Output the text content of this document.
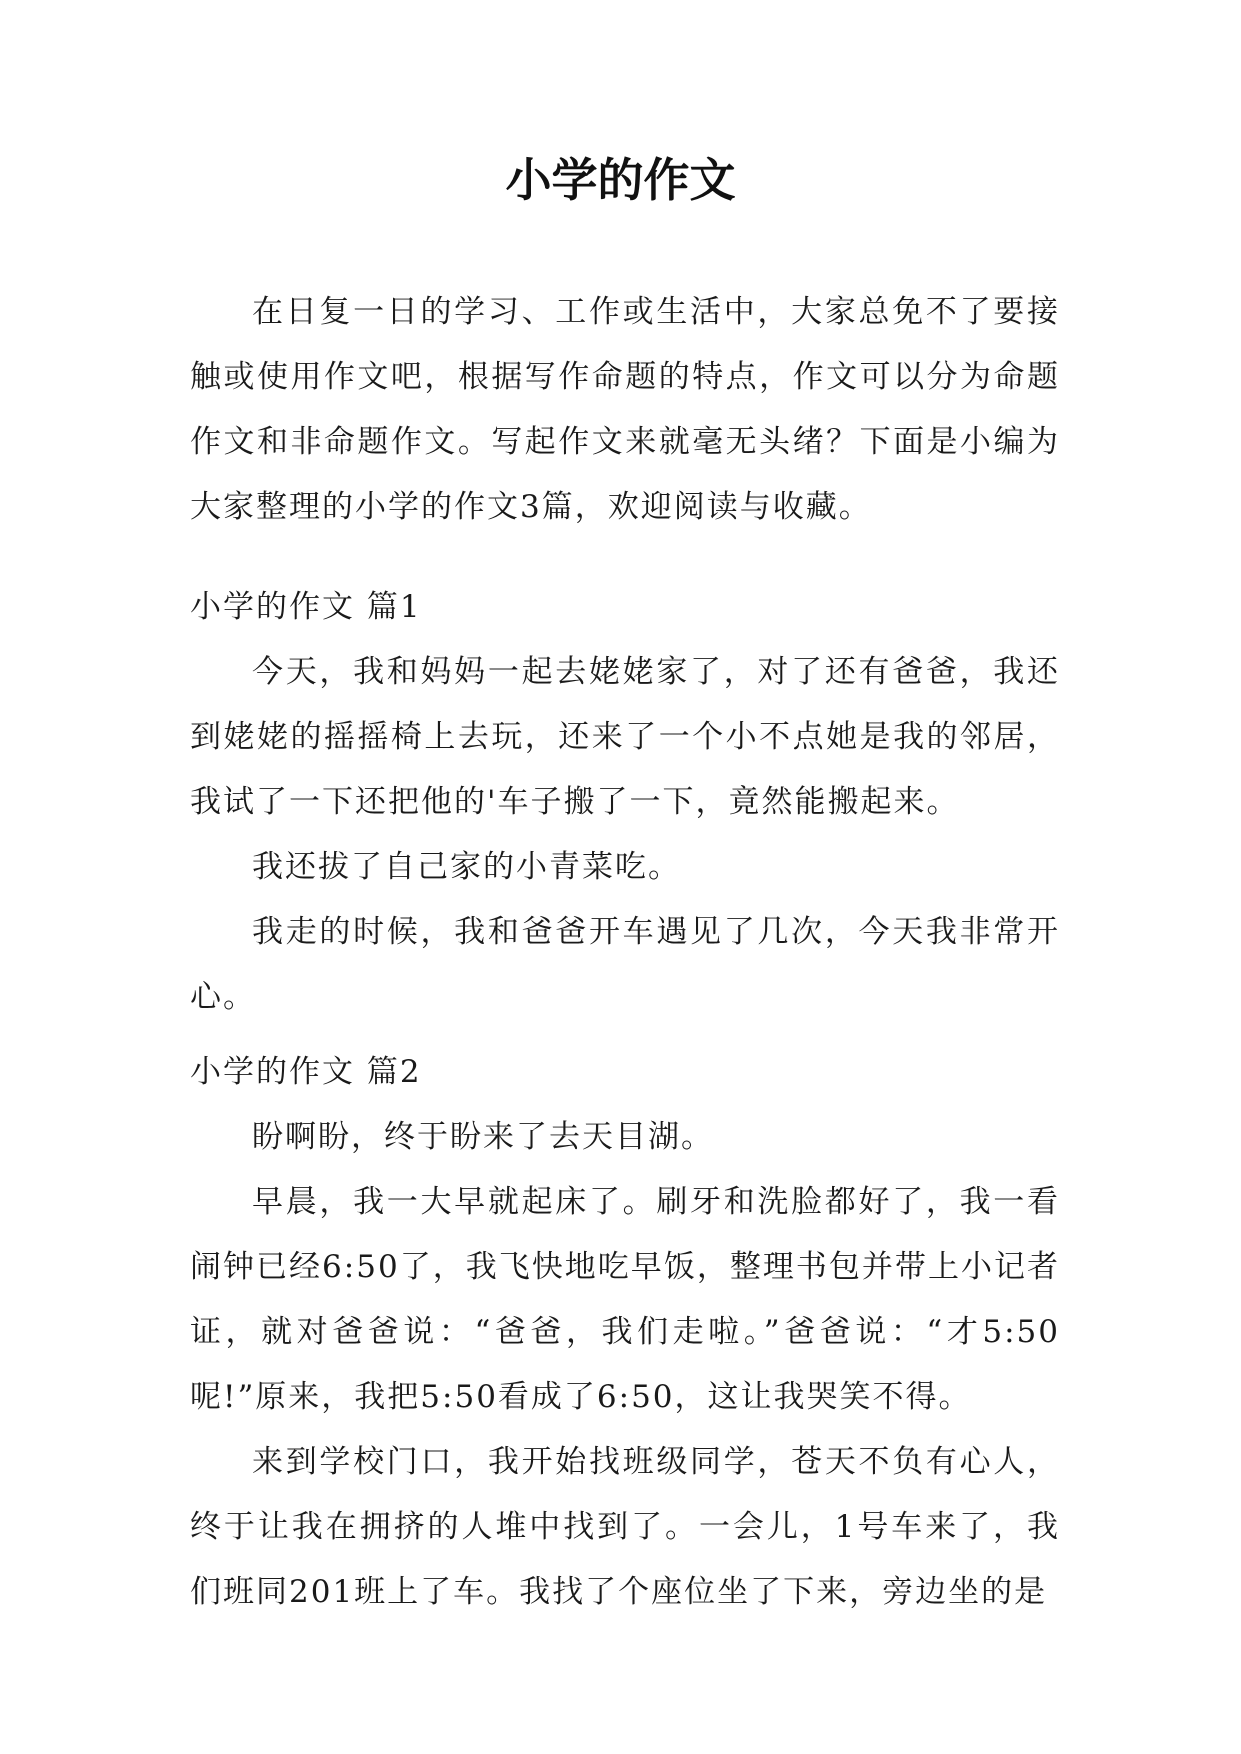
小学的作文

在日复一日的学习、工作或生活中，大家总免不了要接触或使用作文吧，根据写作命题的特点，作文可以分为命题作文和非命题作文。写起作文来就毫无头绪？下面是小编为大家整理的小学的作文3篇，欢迎阅读与收藏。

小学的作文 篇1

今天，我和妈妈一起去姥姥家了，对了还有爸爸，我还到姥姥的摇摇椅上去玩，还来了一个小不点她是我的邻居，我试了一下还把他的'车子搬了一下，竟然能搬起来。

我还拔了自己家的小青菜吃。

我走的时候，我和爸爸开车遇见了几次，今天我非常开心。

小学的作文 篇2

盼啊盼，终于盼来了去天目湖。

早晨，我一大早就起床了。刷牙和洗脸都好了，我一看闹钟已经6:50了，我飞快地吃早饭，整理书包并带上小记者证，就对爸爸说：“爸爸，我们走啦。”爸爸说：“才5:50呢!”原来，我把5:50看成了6:50，这让我哭笑不得。

来到学校门口，我开始找班级同学，苍天不负有心人，终于让我在拥挤的人堆中找到了。一会儿，1号车来了，我们班同201班上了车。我找了个座位坐了下来，旁边坐的是
